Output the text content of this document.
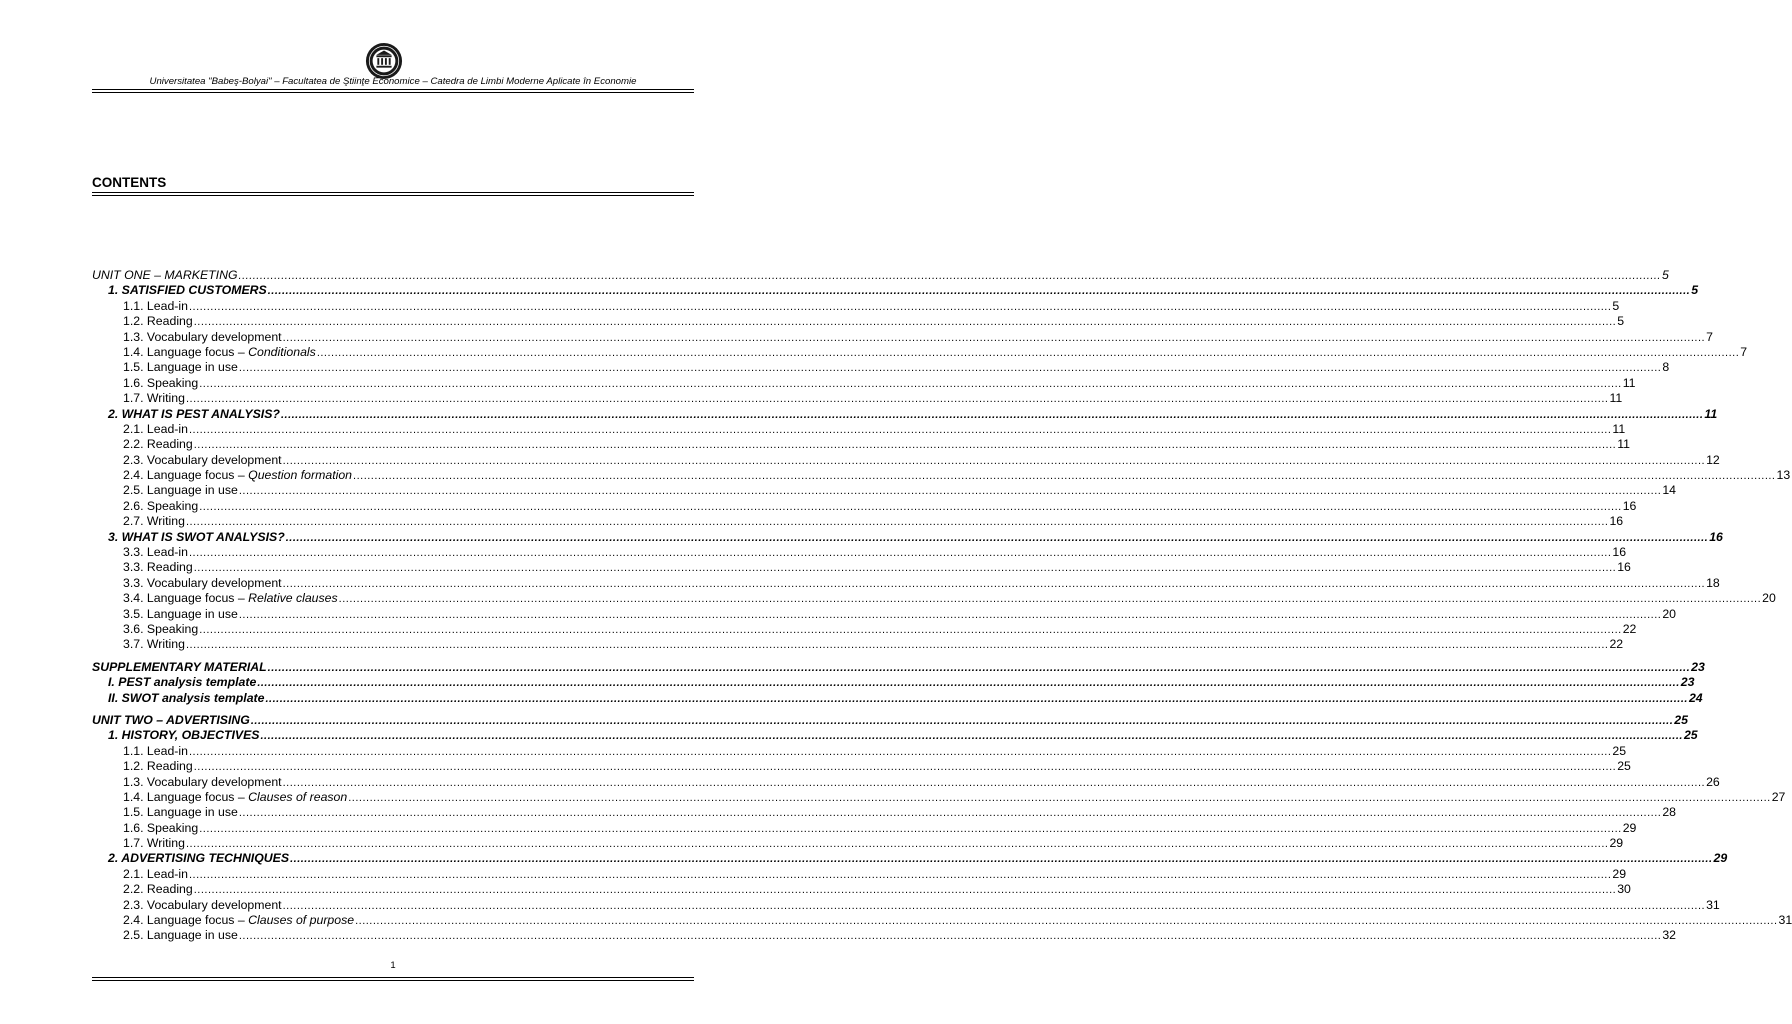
Universitatea "Babeş-Bolyai" – Facultatea de Ştiinţe Economice – Catedra de Limbi Moderne Aplicate în Economie
CONTENTS
UNIT ONE – MARKETING ................................................................................................................................................................................................................................................................................................................................................................................................................ 5
1. SATISFIED CUSTOMERS ................................................................................................................................................................................................................................................................................................................................................................................................................ 5
1.1. Lead-in ................................................................................................................................................................................................................................................................................................................................................................................................................ 5
1.2. Reading ................................................................................................................................................................................................................................................................................................................................................................................................................ 5
1.3. Vocabulary development ................................................................................................................................................................................................................................................................................................................................................................................................................ 7
1.4. Language focus – Conditionals ................................................................................................................................................................................................................................................................................................................................................................................................................ 7
1.5. Language in use ................................................................................................................................................................................................................................................................................................................................................................................................................ 8
1.6. Speaking ................................................................................................................................................................................................................................................................................................................................................................................................................ 11
1.7. Writing ................................................................................................................................................................................................................................................................................................................................................................................................................ 11
2. WHAT IS PEST ANALYSIS? ................................................................................................................................................................................................................................................................................................................................................................................................................ 11
2.1. Lead-in ................................................................................................................................................................................................................................................................................................................................................................................................................ 11
2.2. Reading ................................................................................................................................................................................................................................................................................................................................................................................................................ 11
2.3. Vocabulary development ................................................................................................................................................................................................................................................................................................................................................................................................................ 12
2.4. Language focus – Question formation ................................................................................................................................................................................................................................................................................................................................................................................................................ 13
2.5. Language in use ................................................................................................................................................................................................................................................................................................................................................................................................................ 14
2.6. Speaking ................................................................................................................................................................................................................................................................................................................................................................................................................ 16
2.7. Writing ................................................................................................................................................................................................................................................................................................................................................................................................................ 16
3. WHAT IS SWOT ANALYSIS? ................................................................................................................................................................................................................................................................................................................................................................................................................ 16
3.3. Lead-in ................................................................................................................................................................................................................................................................................................................................................................................................................ 16
3.3. Reading ................................................................................................................................................................................................................................................................................................................................................................................................................ 16
3.3. Vocabulary development ................................................................................................................................................................................................................................................................................................................................................................................................................ 18
3.4. Language focus – Relative clauses ................................................................................................................................................................................................................................................................................................................................................................................................................ 20
3.5. Language in use ................................................................................................................................................................................................................................................................................................................................................................................................................ 20
3.6. Speaking ................................................................................................................................................................................................................................................................................................................................................................................................................ 22
3.7. Writing ................................................................................................................................................................................................................................................................................................................................................................................................................ 22
SUPPLEMENTARY MATERIAL ................................................................................................................................................................................................................................................................................................................................................................................................................ 23
I. PEST analysis template ................................................................................................................................................................................................................................................................................................................................................................................................................ 23
II. SWOT analysis template ................................................................................................................................................................................................................................................................................................................................................................................................................ 24
UNIT TWO – ADVERTISING ................................................................................................................................................................................................................................................................................................................................................................................................................ 25
1. HISTORY, OBJECTIVES ................................................................................................................................................................................................................................................................................................................................................................................................................ 25
1.1. Lead-in ................................................................................................................................................................................................................................................................................................................................................................................................................ 25
1.2. Reading ................................................................................................................................................................................................................................................................................................................................................................................................................ 25
1.3. Vocabulary development ................................................................................................................................................................................................................................................................................................................................................................................................................ 26
1.4. Language focus – Clauses of reason ................................................................................................................................................................................................................................................................................................................................................................................................................ 27
1.5. Language in use ................................................................................................................................................................................................................................................................................................................................................................................................................ 28
1.6. Speaking ................................................................................................................................................................................................................................................................................................................................................................................................................ 29
1.7. Writing ................................................................................................................................................................................................................................................................................................................................................................................................................ 29
2. ADVERTISING TECHNIQUES ................................................................................................................................................................................................................................................................................................................................................................................................................ 29
2.1. Lead-in ................................................................................................................................................................................................................................................................................................................................................................................................................ 29
2.2. Reading ................................................................................................................................................................................................................................................................................................................................................................................................................ 30
2.3. Vocabulary development ................................................................................................................................................................................................................................................................................................................................................................................................................ 31
2.4. Language focus – Clauses of purpose ................................................................................................................................................................................................................................................................................................................................................................................................................ 31
2.5. Language in use ................................................................................................................................................................................................................................................................................................................................................................................................................ 32
1
